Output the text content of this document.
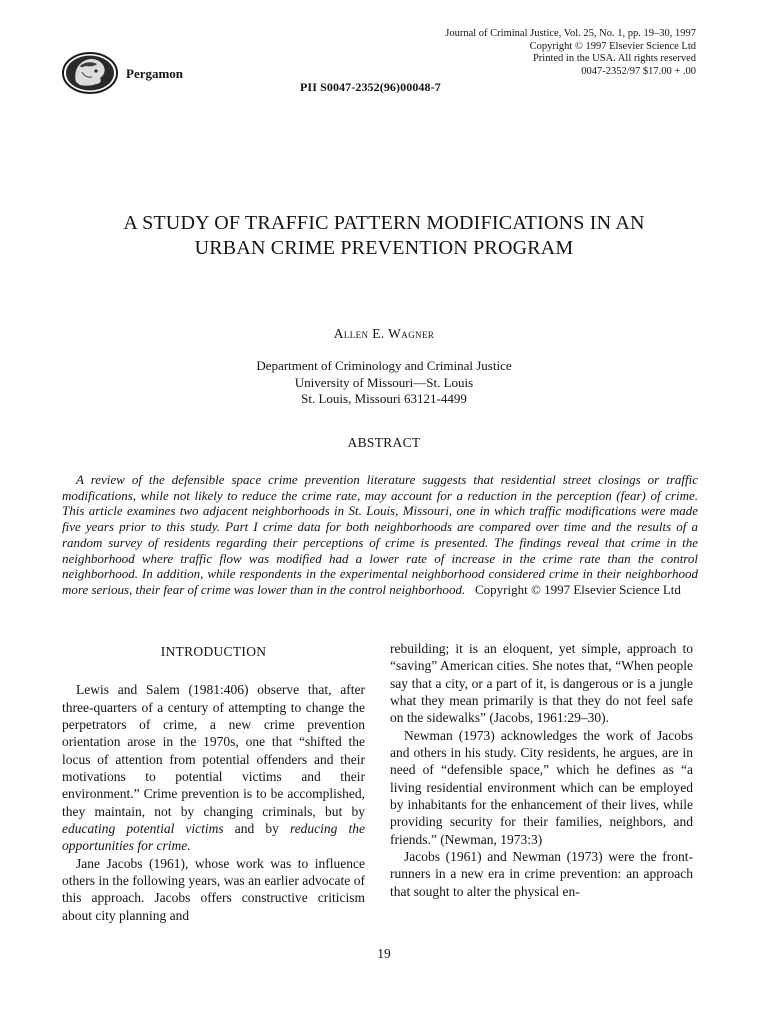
Pergamon
Journal of Criminal Justice, Vol. 25, No. 1, pp. 19–30, 1997
Copyright © 1997 Elsevier Science Ltd
Printed in the USA. All rights reserved
0047-2352/97 $17.00 + .00
PII S0047-2352(96)00048-7
A STUDY OF TRAFFIC PATTERN MODIFICATIONS IN AN
URBAN CRIME PREVENTION PROGRAM
Allen E. Wagner
Department of Criminology and Criminal Justice
University of Missouri—St. Louis
St. Louis, Missouri 63121-4499
ABSTRACT

A review of the defensible space crime prevention literature suggests that residential street closings or traffic modifications, while not likely to reduce the crime rate, may account for a reduction in the perception (fear) of crime. This article examines two adjacent neighborhoods in St. Louis, Missouri, one in which traffic modifications were made five years prior to this study. Part I crime data for both neighborhoods are compared over time and the results of a random survey of residents regarding their perceptions of crime is presented. The findings reveal that crime in the neighborhood where traffic flow was modified had a lower rate of increase in the crime rate than the control neighborhood. In addition, while respondents in the experimental neighborhood considered crime in their neighborhood more serious, their fear of crime was lower than in the control neighborhood. Copyright © 1997 Elsevier Science Ltd

INTRODUCTION

Lewis and Salem (1981:406) observe that, after three-quarters of a century of attempting to change the perpetrators of crime, a new crime prevention orientation arose in the 1970s, one that “shifted the locus of attention from potential offenders and their motivations to potential victims and their environment.” Crime prevention is to be accomplished, they maintain, not by changing criminals, but by educating potential victims and by reducing the opportunities for crime.

Jane Jacobs (1961), whose work was to influence others in the following years, was an earlier advocate of this approach. Jacobs offers constructive criticism about city planning and

rebuilding; it is an eloquent, yet simple, approach to “saving” American cities. She notes that, “When people say that a city, or a part of it, is dangerous or is a jungle what they mean primarily is that they do not feel safe on the sidewalks” (Jacobs, 1961:29–30).

Newman (1973) acknowledges the work of Jacobs and others in his study. City residents, he argues, are in need of “defensible space,” which he defines as “a living residential environment which can be employed by inhabitants for the enhancement of their lives, while providing security for their families, neighbors, and friends.” (Newman, 1973:3)

Jacobs (1961) and Newman (1973) were the front-runners in a new era in crime prevention: an approach that sought to alter the physical en-

19
